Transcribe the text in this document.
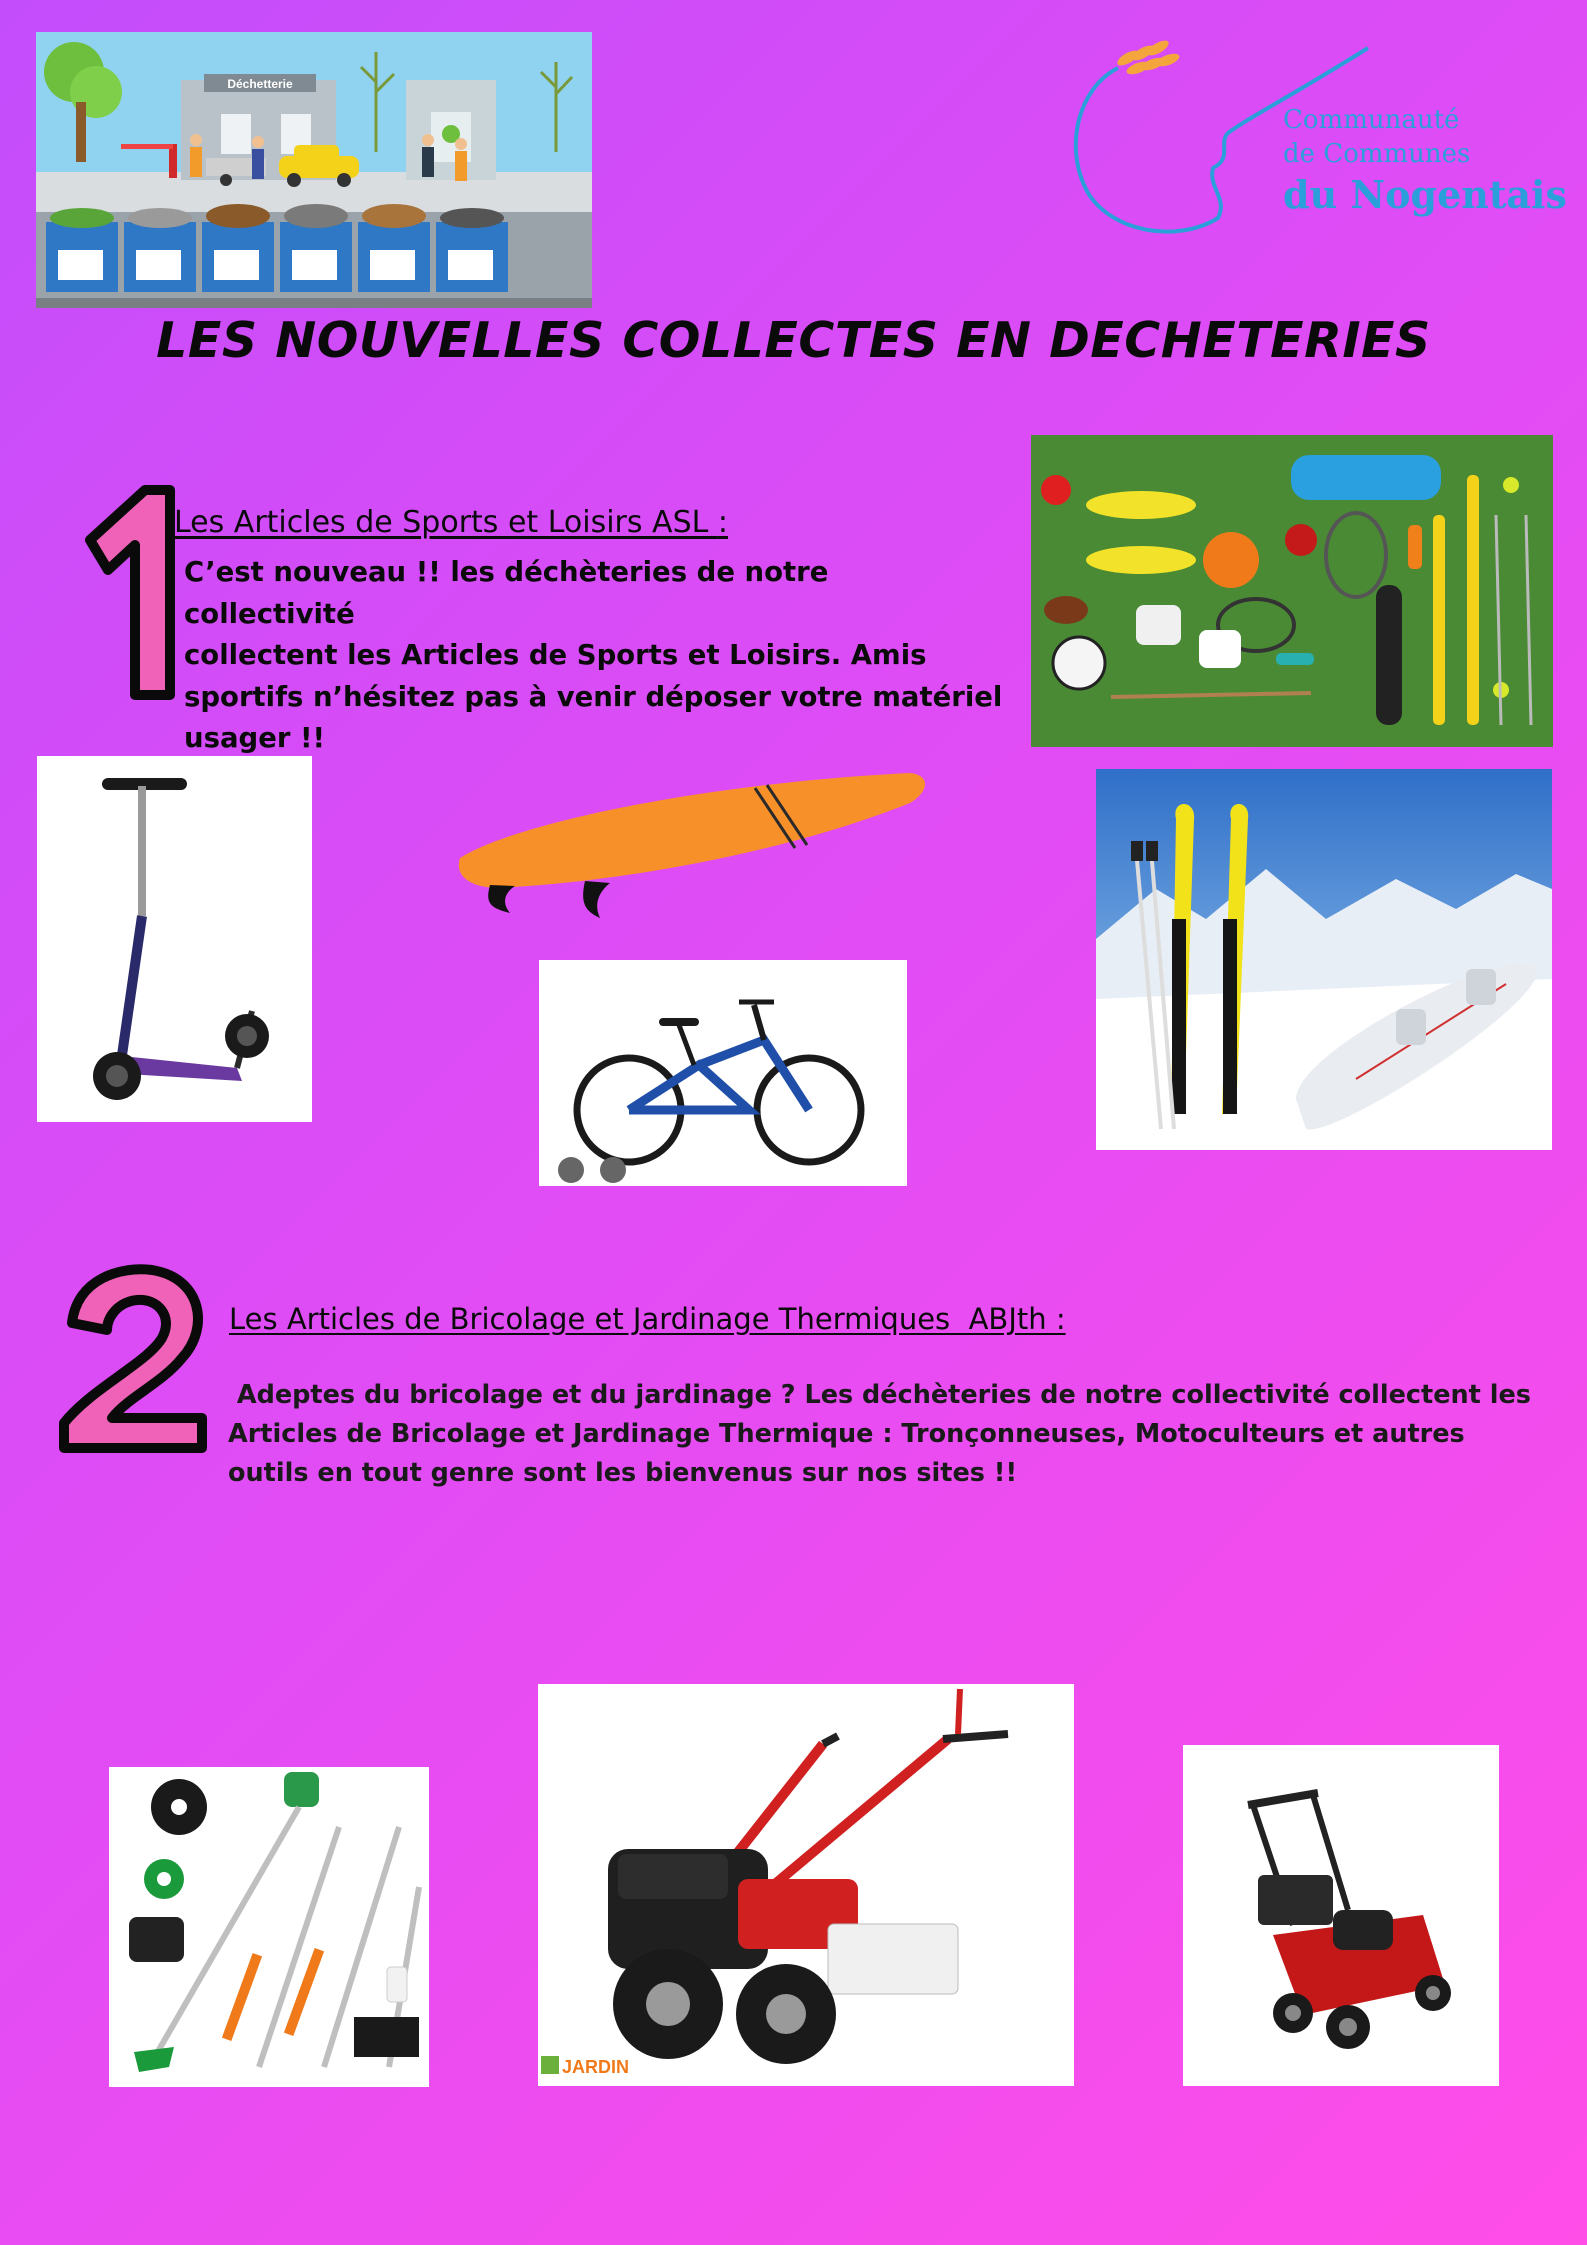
Déchetterie
Communauté
de Communes
du Nogentais
LES NOUVELLES COLLECTES EN DECHETERIES
Les Articles de Sports et Loisirs ASL :
C’est nouveau !! les déchèteries de notre collectivité
collectent les Articles de Sports et Loisirs. Amis
sportifs n’hésitez pas à venir déposer votre matériel
usager !!
Les Articles de Bricolage et Jardinage Thermiques  ABJth :

Adeptes du bricolage et du jardinage ? Les déchèteries de notre collectivité collectent les

Articles de Bricolage et Jardinage Thermique : Tronçonneuses, Motoculteurs et autres

outils en tout genre sont les bienvenus sur nos sites !!

JARDIN
